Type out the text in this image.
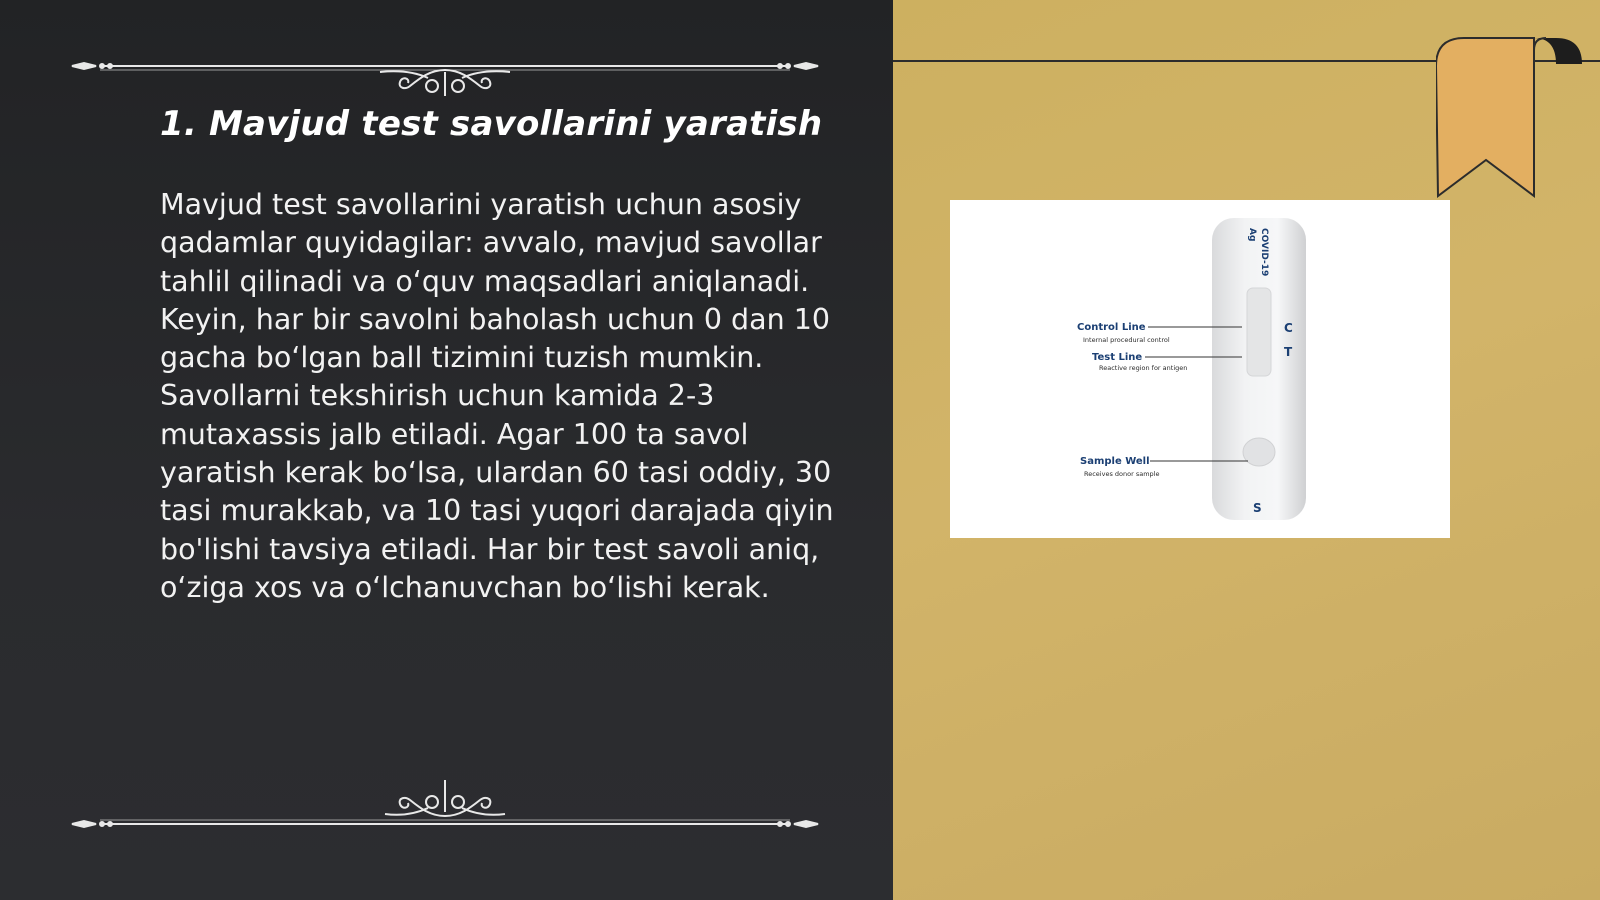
1. Mavjud test savollarini yaratish

Mavjud test savollarini yaratish uchun asosiy qadamlar quyidagilar: avvalo, mavjud savollar tahlil qilinadi va o‘quv maqsadlari aniqlanadi. Keyin, har bir savolni baholash uchun 0 dan 10 gacha bo‘lgan ball tizimini tuzish mumkin. Savollarni tekshirish uchun kamida 2-3 mutaxassis jalb etiladi. Agar 100 ta savol yaratish kerak bo‘lsa, ulardan 60 tasi oddiy, 30 tasi murakkab, va 10 tasi yuqori darajada qiyin bo'lishi tavsiya etiladi. Har bir test savoli aniq, o‘ziga xos va o‘lchanuvchan bo‘lishi kerak.

COVID-19
Ag
C
T
S
Control Line
Internal procedural control
Test Line
Reactive region for antigen
Sample Well
Receives donor sample
